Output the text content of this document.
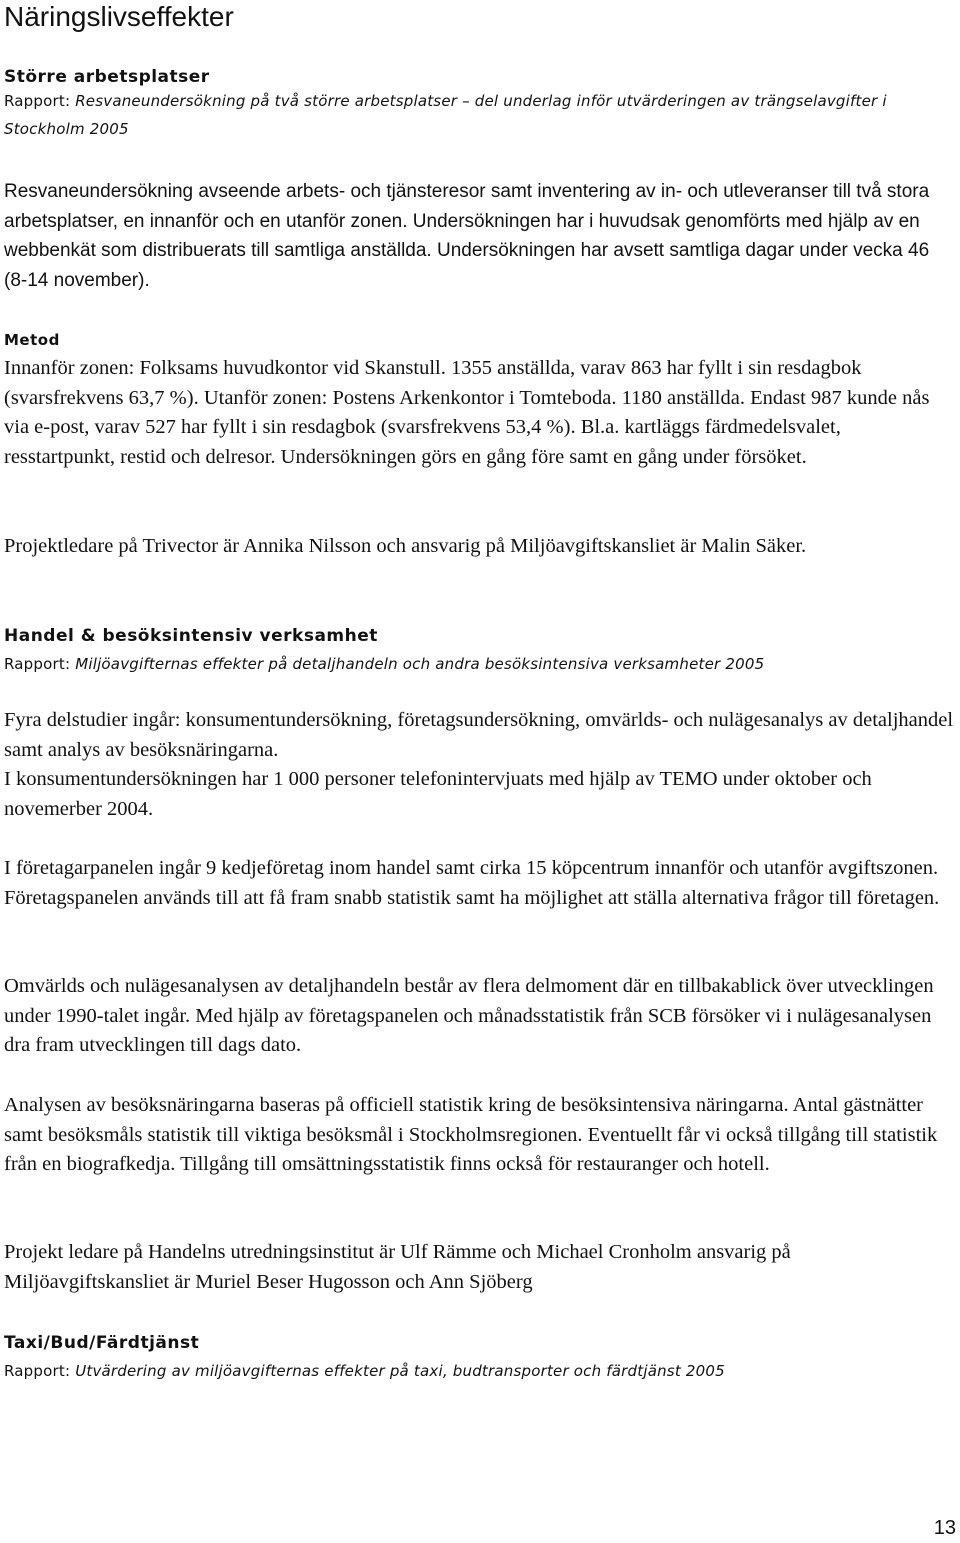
Näringslivseffekter
Större arbetsplatser

Rapport: Resvaneundersökning på två större arbetsplatser – del underlag inför utvärderingen av trängselavgifter i Stockholm 2005

Resvaneundersökning avseende arbets- och tjänsteresor samt inventering av in- och utleveranser till två stora arbetsplatser, en innanför och en utanför zonen. Undersökningen har i huvudsak genomförts med hjälp av en webbenkät som distribuerats till samtliga anställda. Undersökningen har avsett samtliga dagar under vecka 46 (8-14 november).

Metod

Innanför zonen: Folksams huvudkontor vid Skanstull. 1355 anställda, varav 863 har fyllt i sin resdagbok (svarsfrekvens 63,7 %). Utanför zonen: Postens Arkenkontor i Tomteboda. 1180 anställda. Endast 987 kunde nås via e-post, varav 527 har fyllt i sin resdagbok (svarsfrekvens 53,4 %). Bl.a. kartläggs färdmedelsvalet, resstartpunkt, restid och delresor. Undersökningen görs en gång före samt en gång under försöket.

Projektledare på Trivector är Annika Nilsson och ansvarig på Miljöavgiftskansliet är Malin Säker.

Handel & besöksintensiv verksamhet

Rapport: Miljöavgifternas effekter på detaljhandeln och andra besöksintensiva verksamheter 2005

Fyra delstudier ingår: konsumentundersökning, företagsundersökning, omvärlds- och nulägesanalys av detaljhandel samt analys av besöksnäringarna.

I konsumentundersökningen har 1 000 personer telefonintervjuats med hjälp av TEMO under oktober och novemerber 2004.

I företagarpanelen ingår 9 kedjeföretag inom handel samt cirka 15 köpcentrum innanför och utanför avgiftszonen. Företagspanelen används till att få fram snabb statistik samt ha möjlighet att ställa alternativa frågor till företagen.

Omvärlds och nulägesanalysen av detaljhandeln består av flera delmoment där en tillbakablick över utvecklingen under 1990-talet ingår. Med hjälp av företagspanelen och månadsstatistik från SCB försöker vi i nulägesanalysen dra fram utvecklingen till dags dato.

Analysen av besöksnäringarna baseras på officiell statistik kring de besöksintensiva näringarna. Antal gästnätter samt besöksmåls statistik till viktiga besöksmål i Stockholmsregionen. Eventuellt får vi också tillgång till statistik från en biografkedja. Tillgång till omsättningsstatistik finns också för restauranger och hotell.

Projekt ledare på Handelns utredningsinstitut är Ulf Rämme och Michael Cronholm ansvarig på Miljöavgiftskansliet är Muriel Beser Hugosson och Ann Sjöberg

Taxi/Bud/Färdtjänst

Rapport: Utvärdering av miljöavgifternas effekter på taxi, budtransporter och färdtjänst 2005

13
